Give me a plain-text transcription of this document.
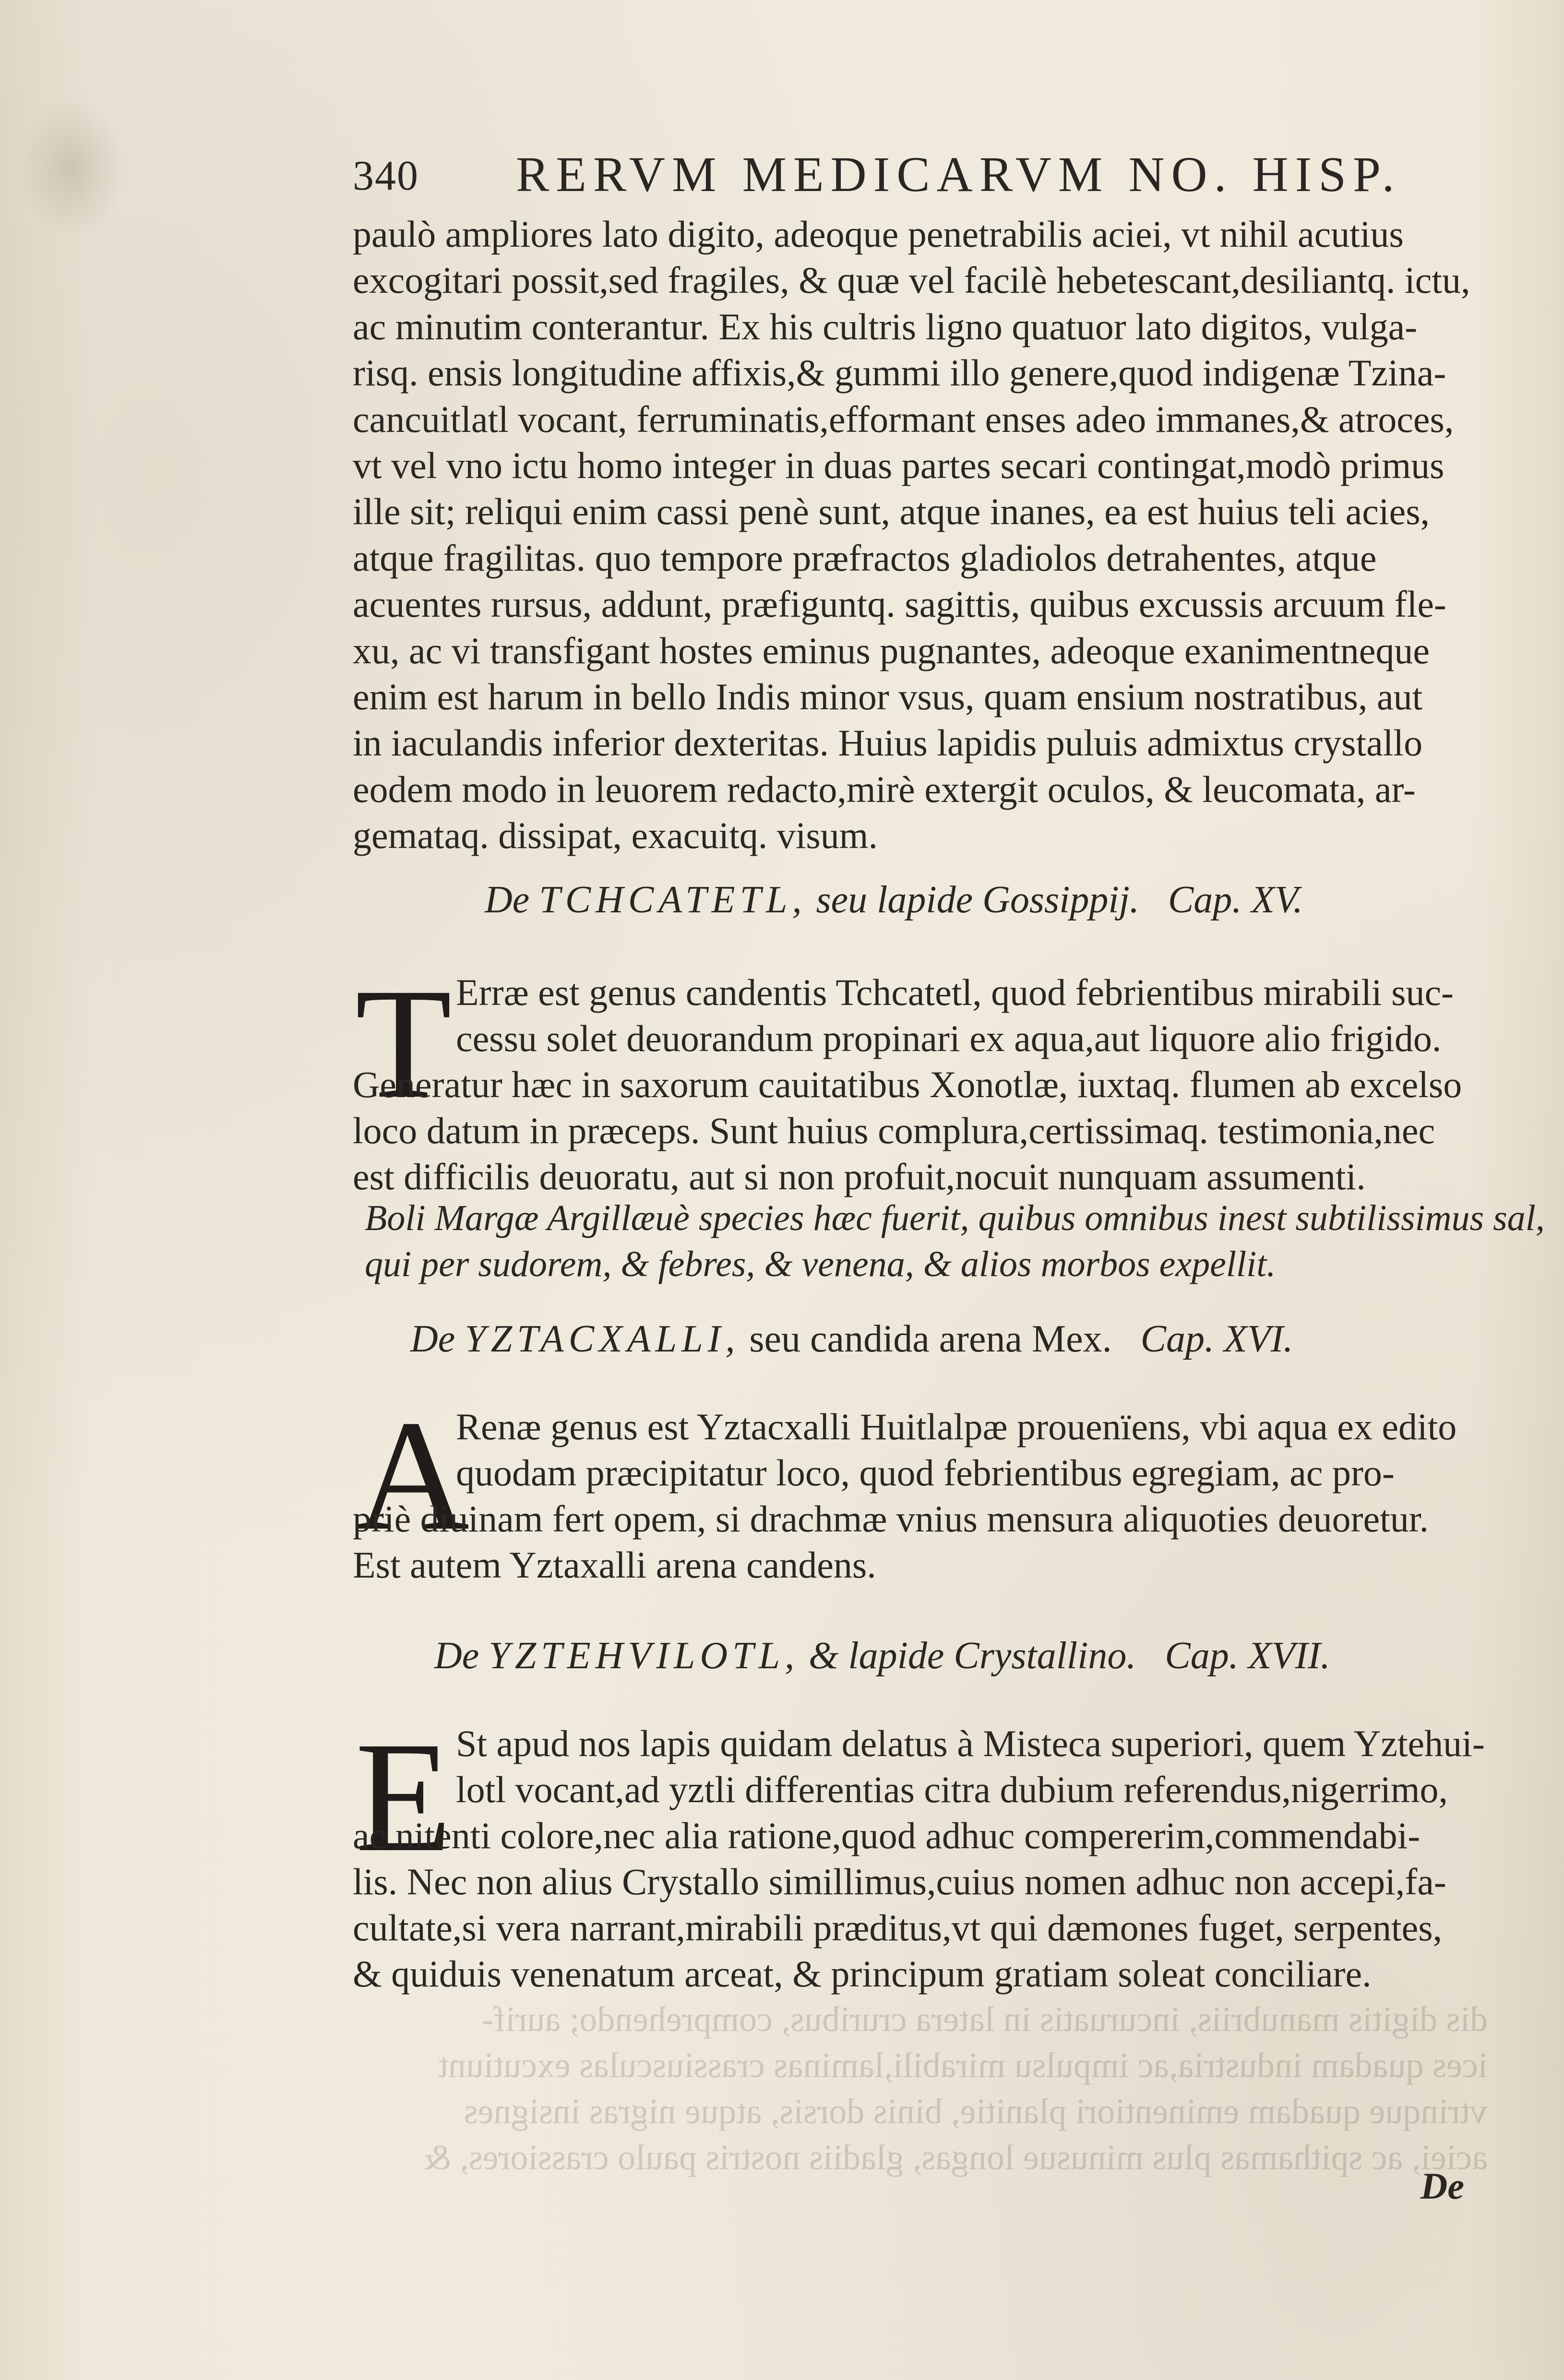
340 RERVM MEDICARVM NO. HISP.
paulò ampliores lato digito, adeoque penetrabilis aciei, vt nihil acutius
excogitari possit,sed fragiles, & quæ vel facilè hebetescant,desiliantq. ictu,
ac minutim conterantur. Ex his cultris ligno quatuor lato digitos, vulga-
risq. ensis longitudine affixis,& gummi illo genere,quod indigenæ Tzina-
cancuitlatl vocant, ferruminatis,efformant enses adeo immanes,& atroces,
vt vel vno ictu homo integer in duas partes secari contingat,modò primus
ille sit; reliqui enim cassi penè sunt, atque inanes, ea est huius teli acies,
atque fragilitas. quo tempore præfractos gladiolos detrahentes, atque
acuentes rursus, addunt, præfiguntq. sagittis, quibus excussis arcuum fle-
xu, ac vi transfigant hostes eminus pugnantes, adeoque exanimentneque
enim est harum in bello Indis minor vsus, quam ensium nostratibus, aut
in iaculandis inferior dexteritas. Huius lapidis puluis admixtus crystallo
eodem modo in leuorem redacto,mirè extergit oculos, & leucomata, ar-
gemataq. dissipat, exacuitq. visum.
De TCHCATETL, seu lapide Gossippij. Cap. XV.
T Erræ est genus candentis Tchcatetl, quod febrientibus mirabili suc-
cessu solet deuorandum propinari ex aqua,aut liquore alio frigido.
Generatur hæc in saxorum cauitatibus Xonotlæ, iuxtaq. flumen ab excelso
loco datum in præceps. Sunt huius complura,certissimaq. testimonia,nec
est difficilis deuoratu, aut si non profuit,nocuit nunquam assumenti.
Boli Margæ Argillæuè species hæc fuerit, quibus omnibus inest subtilissimus sal,
qui per sudorem, & febres, & venena, & alios morbos expellit.
De YZTACXALLI, seu candida arena Mex. Cap. XVI.
A
Renæ genus est Yztacxalli Huitlalpæ prouenïens, vbi aqua ex edito
quodam præcipitatur loco, quod febrientibus egregiam, ac pro-
priè diuinam fert opem, si drachmæ vnius mensura aliquoties deuoretur.
Est autem Yztaxalli arena candens.
De YZTEHVILOTL, & lapide Crystallino. Cap. XVII.
E St apud nos lapis quidam delatus à Misteca superiori, quem Yztehui-
lotl vocant,ad yztli differentias citra dubium referendus,nigerrimo,
ac nitenti colore,nec alia ratione,quod adhuc compererim,commendabi-
lis. Nec non alius Crystallo simillimus,cuius nomen adhuc non accepi,fa-
cultate,si vera narrant,mirabili præditus,vt qui dæmones fuget, serpentes,
& quiduis venenatum arceat, & principum gratiam soleat conciliare.
dis digitis manubriis, incuruatis in latera cruribus, comprehendo; aurif-
ices quadam industria,ac impulsu mirabili,laminas crassiusculas excutiunt
vtrinque quadam eminentiori planitie, binis dorsis, atque nigras insignes
aciei, ac spithamas plus minusue longas, gladiis nostris paulo crassiores, &
De
